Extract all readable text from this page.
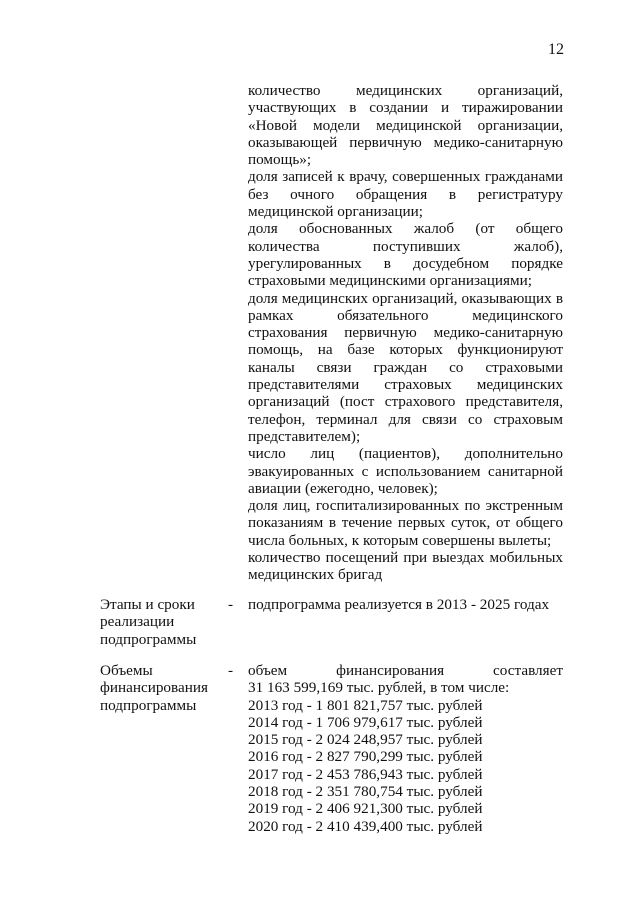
12

количество медицинских организаций, участвующих в создании и тиражировании «Новой модели медицинской организации, оказывающей первичную медико-санитарную помощь»;

доля записей к врачу, совершенных гражданами без очного обращения в регистратуру медицинской организации;

доля обоснованных жалоб (от общего количества поступивших жалоб), урегулированных в досудебном порядке страховыми медицинскими организациями;

доля медицинских организаций, оказывающих в рамках обязательного медицинского страхования первичную медико-санитарную помощь, на базе которых функционируют каналы связи граждан со страховыми представителями страховых медицинских организаций (пост страхового представителя, телефон, терминал для связи со страховым представителем);

число лиц (пациентов), дополнительно эвакуированных с использованием санитарной авиации (ежегодно, человек);

доля лиц, госпитализированных по экстренным показаниям в течение первых суток, от общего числа больных, к которым совершены вылеты;

количество посещений при выездах мобильных медицинских бригад

Этапы и сроки реализации подпрограммы
- подпрограмма реализуется в 2013 - 2025 годах
Объемы финансирования подпрограммы
- объем финансирования составляет

31 163 599,169 тыс. рублей, в том числе:

2013 год - 1 801 821,757 тыс. рублей

2014 год - 1 706 979,617 тыс. рублей

2015 год - 2 024 248,957 тыс. рублей

2016 год - 2 827 790,299 тыс. рублей

2017 год - 2 453 786,943 тыс. рублей

2018 год - 2 351 780,754 тыс. рублей

2019 год - 2 406 921,300 тыс. рублей

2020 год - 2 410 439,400 тыс. рублей
